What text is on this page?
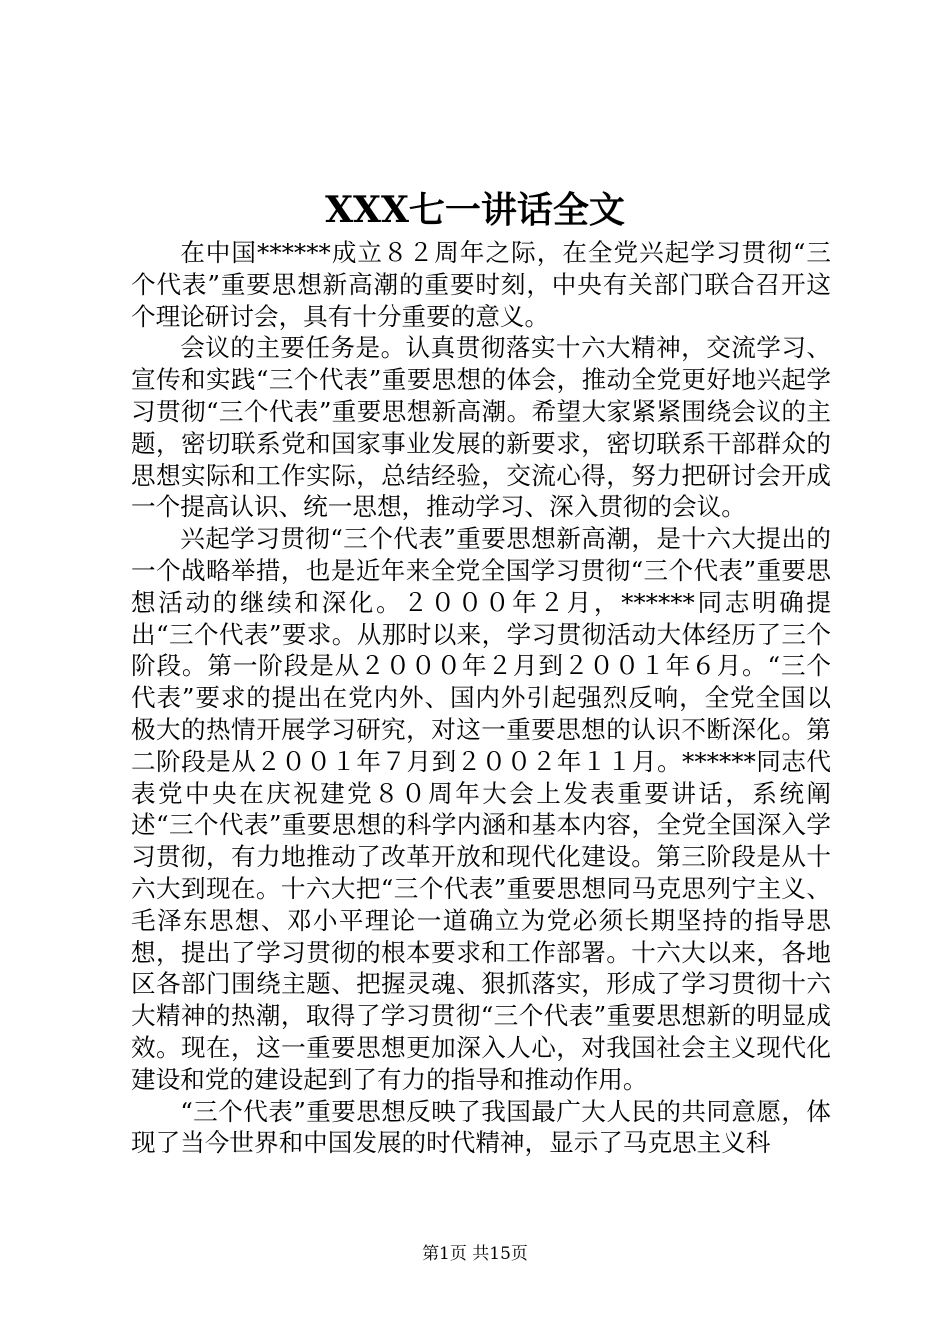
XXX七一讲话全文

在中国******成立８２周年之际，在全党兴起学习贯彻“三个代表”重要思想新高潮的重要时刻，中央有关部门联合召开这个理论研讨会，具有十分重要的意义。

会议的主要任务是。认真贯彻落实十六大精神，交流学习、宣传和实践“三个代表”重要思想的体会，推动全党更好地兴起学习贯彻“三个代表”重要思想新高潮。希望大家紧紧围绕会议的主题，密切联系党和国家事业发展的新要求，密切联系干部群众的思想实际和工作实际，总结经验，交流心得，努力把研讨会开成一个提高认识、统一思想，推动学习、深入贯彻的会议。

兴起学习贯彻“三个代表”重要思想新高潮，是十六大提出的一个战略举措，也是近年来全党全国学习贯彻“三个代表”重要思想活动的继续和深化。２０００年２月，******同志明确提出“三个代表”要求。从那时以来，学习贯彻活动大体经历了三个阶段。第一阶段是从２０００年２月到２００１年６月。“三个代表”要求的提出在党内外、国内外引起强烈反响，全党全国以极大的热情开展学习研究，对这一重要思想的认识不断深化。第二阶段是从２００１年７月到２００２年１１月。******同志代表党中央在庆祝建党８０周年大会上发表重要讲话，系统阐述“三个代表”重要思想的科学内涵和基本内容，全党全国深入学习贯彻，有力地推动了改革开放和现代化建设。第三阶段是从十六大到现在。十六大把“三个代表”重要思想同马克思列宁主义、毛泽东思想、邓小平理论一道确立为党必须长期坚持的指导思想，提出了学习贯彻的根本要求和工作部署。十六大以来，各地区各部门围绕主题、把握灵魂、狠抓落实，形成了学习贯彻十六大精神的热潮，取得了学习贯彻“三个代表”重要思想新的明显成效。现在，这一重要思想更加深入人心，对我国社会主义现代化建设和党的建设起到了有力的指导和推动作用。

“三个代表”重要思想反映了我国最广大人民的共同意愿，体现了当今世界和中国发展的时代精神，显示了马克思主义科

第1页 共15页
